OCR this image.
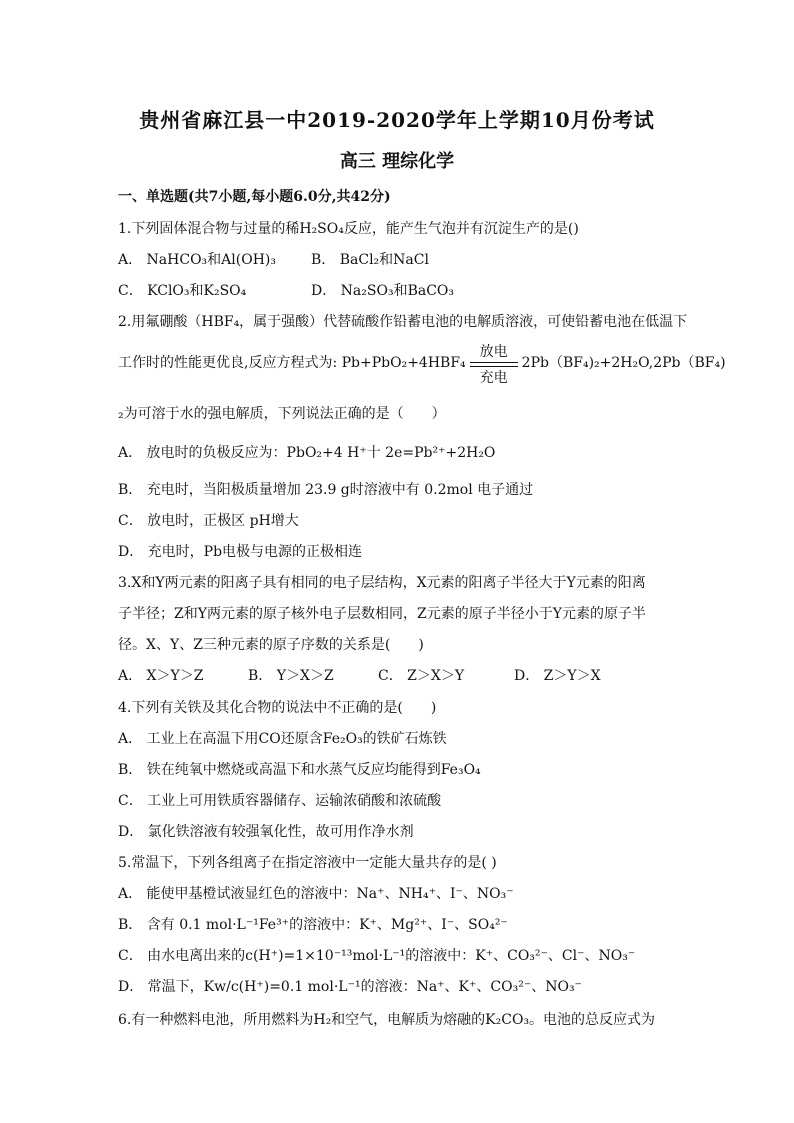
贵州省麻江县一中2019-2020学年上学期10月份考试
高三 理综化学
一、单选题(共7小题,每小题6.0分,共42分)
1.下列固体混合物与过量的稀H₂SO₄反应，能产生气泡并有沉淀生产的是()
A． NaHCO₃和Al(OH)₃	B． BaCl₂和NaCl
C． KClO₃和K₂SO₄	D． Na₂SO₃和BaCO₃
2.用氟硼酸（HBF₄，属于强酸）代替硫酸作铅蓄电池的电解质溶液，可使铅蓄电池在低温下
工作时的性能更优良,反应方程式为: Pb+PbO₂+4HBF₄
放电
充电
2Pb（BF₄)₂+2H₂O,2Pb（BF₄)
₂为可溶于水的强电解质，下列说法正确的是（　　）
A． 放电时的负极反应为：PbO₂+4 H⁺十 2e=Pb²⁺+2H₂O
B． 充电时，当阳极质量增加 23.9 g时溶液中有 0.2mol 电子通过
C． 放电时，正极区 pH增大
D． 充电时，Pb电极与电源的正极相连
3.X和Y两元素的阳离子具有相同的电子层结构，X元素的阳离子半径大于Y元素的阳离
子半径；Z和Y两元素的原子核外电子层数相同，Z元素的原子半径小于Y元素的原子半
径。X、Y、Z三种元素的原子序数的关系是(　　)
A． X＞Y＞Z	B． Y＞X＞Z	C． Z＞X＞Y	D． Z＞Y＞X
4.下列有关铁及其化合物的说法中不正确的是(　　)
A． 工业上在高温下用CO还原含Fe₂O₃的铁矿石炼铁
B． 铁在纯氧中燃烧或高温下和水蒸气反应均能得到Fe₃O₄
C． 工业上可用铁质容器储存、运输浓硝酸和浓硫酸
D． 氯化铁溶液有较强氧化性，故可用作净水剂
5.常温下，下列各组离子在指定溶液中一定能大量共存的是( )
A． 能使甲基橙试液显红色的溶液中：Na⁺、NH₄⁺、I⁻、NO₃⁻
B． 含有 0.1 mol·L⁻¹Fe³⁺的溶液中：K⁺、Mg²⁺、I⁻、SO₄²⁻
C． 由水电离出来的c(H⁺)=1×10⁻¹³mol·L⁻¹的溶液中：K⁺、CO₃²⁻、Cl⁻、NO₃⁻
D． 常温下，Kw/c(H⁺)=0.1 mol·L⁻¹的溶液：Na⁺、K⁺、CO₃²⁻、NO₃⁻
6.有一种燃料电池，所用燃料为H₂和空气，电解质为熔融的K₂CO₃。电池的总反应式为
